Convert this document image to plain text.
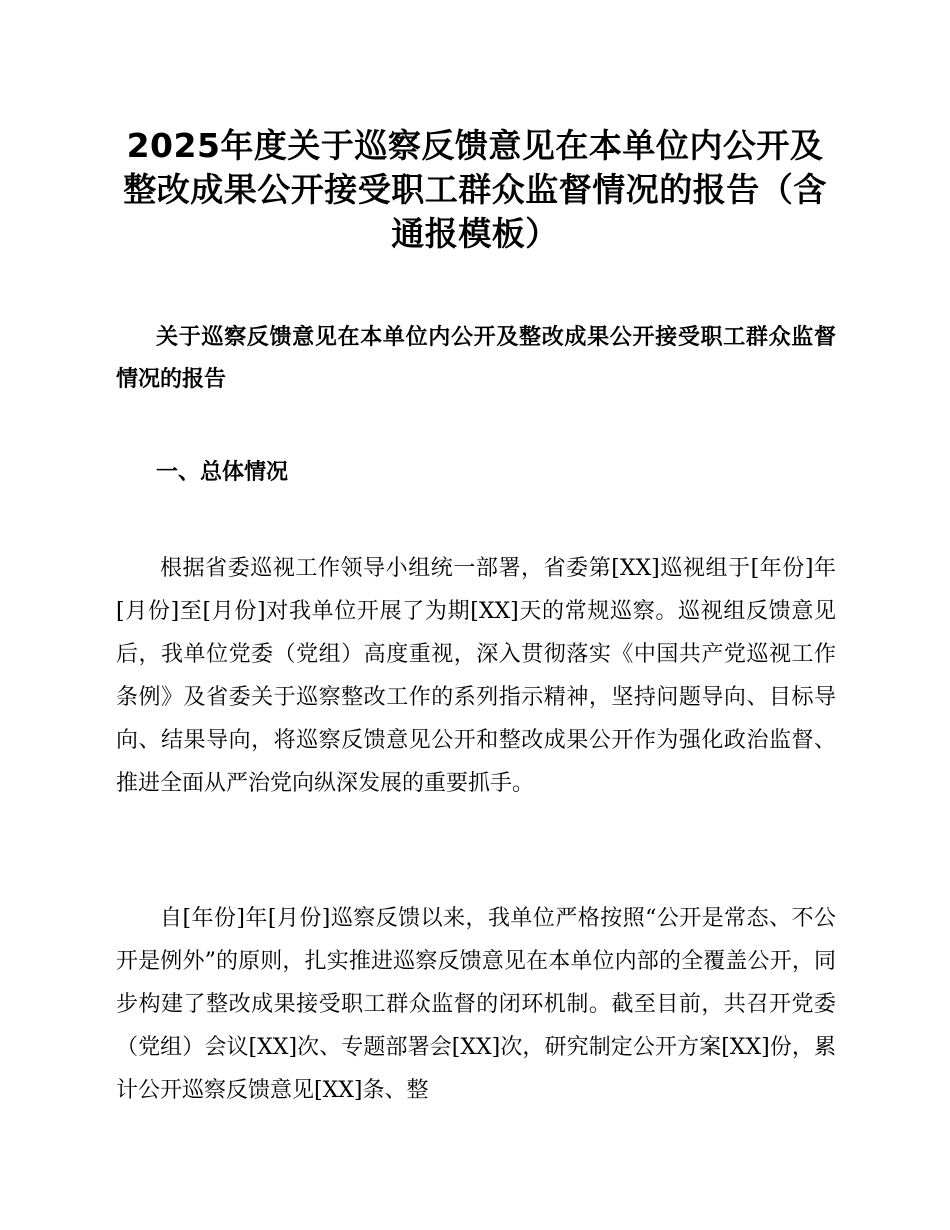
2025年度关于巡察反馈意见在本单位内公开及整改成果公开接受职工群众监督情况的报告（含通报模板）
关于巡察反馈意见在本单位内公开及整改成果公开接受职工群众监督情况的报告
一、总体情况

根据省委巡视工作领导小组统一部署，省委第[XX]巡视组于[年份]年[月份]至[月份]对我单位开展了为期[XX]天的常规巡察。巡视组反馈意见后，我单位党委（党组）高度重视，深入贯彻落实《中国共产党巡视工作条例》及省委关于巡察整改工作的系列指示精神，坚持问题导向、目标导向、结果导向，将巡察反馈意见公开和整改成果公开作为强化政治监督、推进全面从严治党向纵深发展的重要抓手。

自[年份]年[月份]巡察反馈以来，我单位严格按照“公开是常态、不公开是例外”的原则，扎实推进巡察反馈意见在本单位内部的全覆盖公开，同步构建了整改成果接受职工群众监督的闭环机制。截至目前，共召开党委（党组）会议[XX]次、专题部署会[XX]次，研究制定公开方案[XX]份，累计公开巡察反馈意见[XX]条、整
